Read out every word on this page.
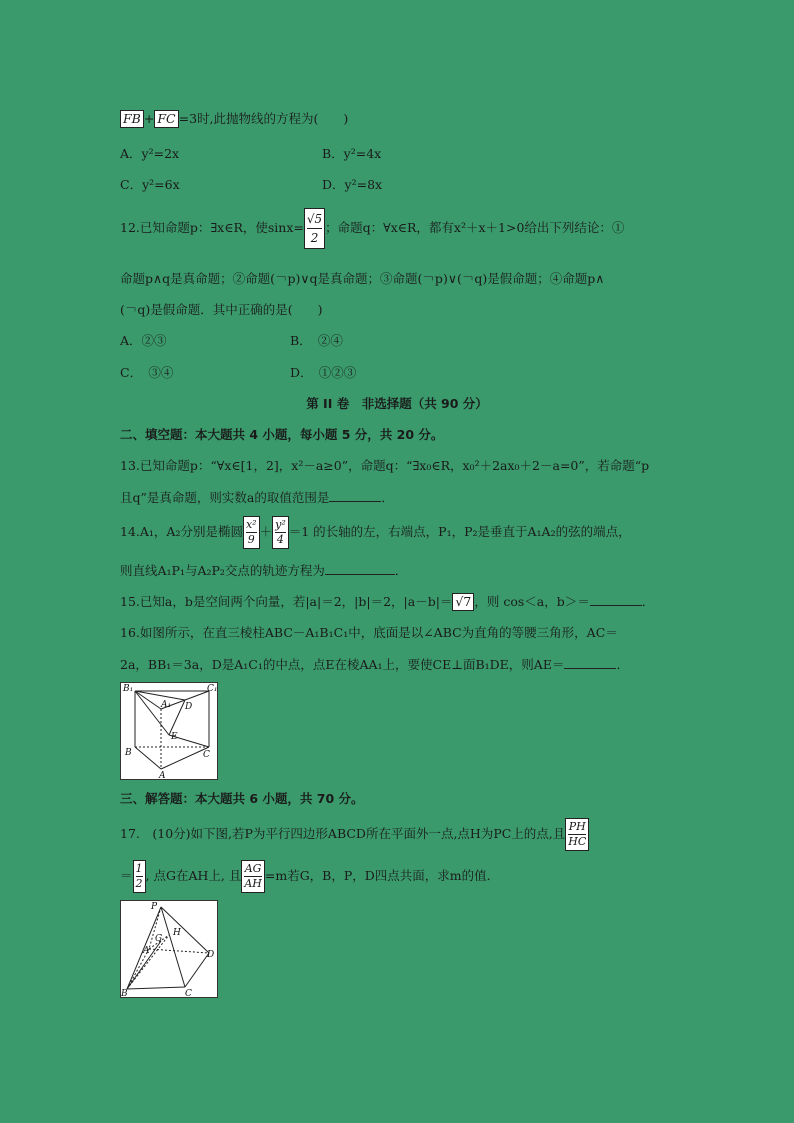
FB + FC =3时,此抛物线的方程为(　　)
A．y²=2x	B．y²=4x
C．y²=6x	D．y²=8x
12.已知命题p：∃x∈R，使$\sin x= \frac{√5}{2}$ ；命题q：∀x∈R，都有x²＋x＋1>0给出下列结论：①
命题p∧q是真命题；②命题(￢p)∨q是真命题；③命题(￢p)∨(￢q)是假命题；④命题p∧
(￢q)是假命题．其中正确的是(　　)
A．②③	B．　②④
C．　③④	D．　①②③
第 II 卷　非选择题（共 90 分）
二、填空题：本大题共 4 小题，每小题 5 分，共 20 分。
13.已知命题p：“∀x∈[1，2]，x²－a≥0”，命题q：“∃x₀∈R，x₀²＋2ax₀＋2－a=0”，若命题“p
且q”是真命题，则实数a的取值范围是	．
14.A₁，A₂分别是椭圆 $\frac{\text{x²}}{9} + \frac{\text{y²}}{4} =1$ 的长轴的左，右端点，P₁，P₂是垂直于A₁A₂的弦的端点，
则直线A₁P₁与A₂P₂交点的轨迹方程为	．
15.已知a，b是空间两个向量，若|a|＝2，|b|＝2，|a－b|＝ √7 ，则 cos＜a，b＞＝	．
16.如图所示，在直三棱柱ABC－A₁B₁C₁中，底面是以∠ABC为直角的等腰三角形，AC＝
2a，BB₁＝3a，D是A₁C₁的中点，点E在棱AA₁上，要使CE⊥面B₁DE，则AE＝	．
B₁	C₁
A₁ D
E
B	C
A
三、解答题：本大题共 6 小题，共 70 分。
17.　(10分)如下图,若P为平行四边形ABCD所在平面外一点,点H为PC上的点,且 $\frac{PH}{HC}$
＝ $\frac{1}{2}$ , 点G在AH上, 且 $\frac{AG}{AH} =m$若G，B，P，D四点共面，求m的值．
P
H
G
A	D
B	C
